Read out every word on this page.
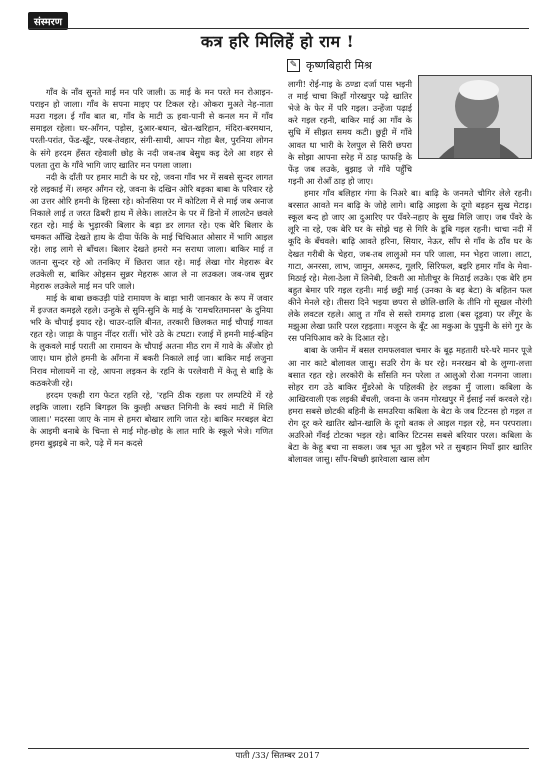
संस्मरण
कत्र हरि मिलिहें हो राम !
✎ कृष्णबिहारी मिश्र

गाँव के नाँव सुनते माई मन परि जाली। ऊ माई के मन परते मन रोआइन-पराइन हो जाला। गाँव के सपना माइए पर टिकल रहे। ओकरा मुअते नेह-नाता मउरा गइल। ई गाँव बात बा, गाँव के माटी ऊ हवा-पानी से कनल मन में गाँव समाइल रहेला। घर-आँगन, पड़ोस, दुआर-बथान, खेत-खरिहान, मंदिरा-बरमथान, परती-परांत, फेंड-खूँट, परब-तेवहार, संगी-साथी, आपन गोहा बैल, पुरनिया लोगन के संगे हरदम हँसत रहेवाली छोह के नदी जब-तब बेसुध कइ देले आ शहर से पलता तुरा के गाँवे भागि जाए खातिर मन पगला जाला।

नदी के दाँती पर हमार माटी के घर रहे, जवना गाँव भर में सबसे सुन्दर लागत रहे लइकाई में। लम्हर आँगन रहे, जवना के दखिन ओरि बड़का बाबा के परिवार रहे आ उत्तर ओरि हमनी के हिस्सा रहे। कोनसिया पर में कोटिला में से माई जब अनाज निकाले लाई त जरत ढिबरी हाथ में लेके। लालटेन के पर में डिनो में लालटेन छवले रहत रहे। माई के भुड़ारकी बिलार के बड़ा डर लागत रहे। एक बेरि बिलार के चमकत आँखि देखते हाथ के दीया फेंकि के माई चिचिआत ओसार में भागि आइल रहे। लाइ लागे से बाँचल। बिलार देखते हमरो मन सराधा जाला। बाकिर माई त जतना सुन्दर रहे ओ तनकिए में छितरा जात रहे। माई लेखा गोर मेहरारू बेर लउकेली स, बाकिर ओइसन सुन्नर मेहरारू आज ले ना लउकल। जब-जब सुन्नर मेहरारू लउकेले माई मन परि जाले।

माई के बाबा छकउड़ी पांडे रामायण के बाड़ा भारी जानकार के रूप में जवार में इज्जत कमइले रहले। उन्हुके से सुनि-सुनि के माई के 'रामचरितमानस' के दुनिया भरि के चौपाई इयाद रहे। चाउर-दालि बीनत, तरकारी छिलकत माई चौपाई गावत रहत रहे। जाड़ा के पाहुन नींदर रातीं। भोरे उठे के टघटा। रजाई में हमनी माई-बहिन के लुकवले माई पराती आ रामायन के चौपाई अतना मीठ राग में गावे के अँजोर हो जाए। घाम होले हमनी के आँगना में बकरी निकाले लाई जा। बाकिर माई लजुना निराव मोलायमें ना रहे, आपना लइकन के रहनि के परलेवारी में केतू से बाड़ि के कठकरेजी रहे।

हरदम एकही राग फेटत रहति रहे, 'रहनि ठीक रहला पर लम्पटिये में रहे लइकि जाला। रहनि बिगड़ल कि कुल्ही अच्छत निगिनी के स्वयं माटी में मिलि जाला।' मदरसा जाए के नाम से हमरा बोखार लागि जात रहे। बाकिर मरबइल बेटा के आइमी बनाबे के चिन्ता से माई मोह-छोह के लात मारि के स्कूले भेजे। गणित हमरा बुझइबे ना करे, पढ़े में मन कदसे

लागी! रोई-गाइ के ठण्डा दर्जा पास भइनी त माई चाचा किहाँ गोरखपुर पढ़े खातिर भेजे के फेर में परि गइल। उन्हेंजा पढ़ाई करे गइल रहनी, बाकिर माई आ गाँव के सुधि में सीझत समय कटी। छुट्टी में गाँवे आवत धा भारी के रेलपुल से सिरी छपरा के सोझा आपना सरेह में ठाड़ फाफड़ि के फेंड़ जब लउके, बुझाइ जे गाँवे पहुँचि गइनी आ रोआँ ठाड़ हो जाए।

हमार गाँव बलिहार गंगा के निअरे बा। बाढ़ि के जनमते चौगिर लेले रहनी। बरसात आवते मन बाढ़ि के जोहे लागे। बाढ़ि आइला के दूगो बड़हन सुख मेटाइ। स्कूल बन्द हो जाए आ दुआरिए पर पँवरे-नहाए के सुख मिलि जाए। जब पँवरे के लूरि ना रहे, एक बेरि घर के सोझे चह से गिरि के डूबि गइल रहनी। चाचा नदी में कूदि के बँचवले। बाढ़ि आवते हरिना, सियार, नेऊर, साँप से गाँव के ठाँव घर के देखत गरीबी के चेहरा, जब-तब लालुओ मन परि जाला, मन भेहरा जाला। लाटा, गाटा, अनरसा, लाभ, जामुन, अमरूद, गूलरि, सिरिफल, बइरि हमार गाँव के मेवा-मिठाई रहे। मेला-ठेला में लिनेबी, टिकरी आ मोतीचूर के मिठाई लउके। एक बेरि हम बहुत बेमार परि गइल रहनी। माई छट्ठी माई (उनका के बड़ बेटा) के बहितन फल कीने मेनले रहे। तीसरा दिने भइया छपरा से छोलि-छालि के तीनि गो सूखल नौरंगी लेके लवटल रहले। आलु त गाँव से सस्ते रामगढ़ डाला (बस दूइवा) पर लँगूर के मझुआ लेखा फ़ारि परल रहइताा। मजूरन के बूँट आ मकुआ के पुघुनी के संगे गुर के रस पनिपिआव करे के दिआत रहे।

बाबा के जमीन में बसल रामफलवाल चमार के बूढ़ महतारी घरे-घरे मानर पूजे आ नार काटे बोलावल जासु। सउरि रोग के घर रहे। मनरखन बो के लुग्गा-लत्ता बसात रहत रहे। लरकोरी के साँसति मन परेला त आलुओ रोआ गनगना जाला। सोहर राग उठे बाकिर मुँडरेओ के पहिलकी हेर लइका मुँ जाला। कबिला के आखिरवाली एक लइकी बँचली, जवना के जनम गोरखपुर में ईसाई नर्स करवले रहे। हमरा सबसे छोटकी बहिनी के समउरिया कबिला के बेटा के जब टिटनस हो गइल त रोग दूर करे खातिर खोन-खालि के दूगो बतक ले आइल गइल रहे, मन परपराला। अउरिओ गँवई टोटका भइल रहे। बाकिर टिटनस सबसे बरियार परल। कबिला के बेटा के केहू बचा ना सकल। जब भूत आ चुड़ैल भरे त सुबहान मियाँ झार खातिर बोलावल जासु। साँप-बिच्छी झारेवाला खास लोग

पाती /33/ सितम्बर 2017
